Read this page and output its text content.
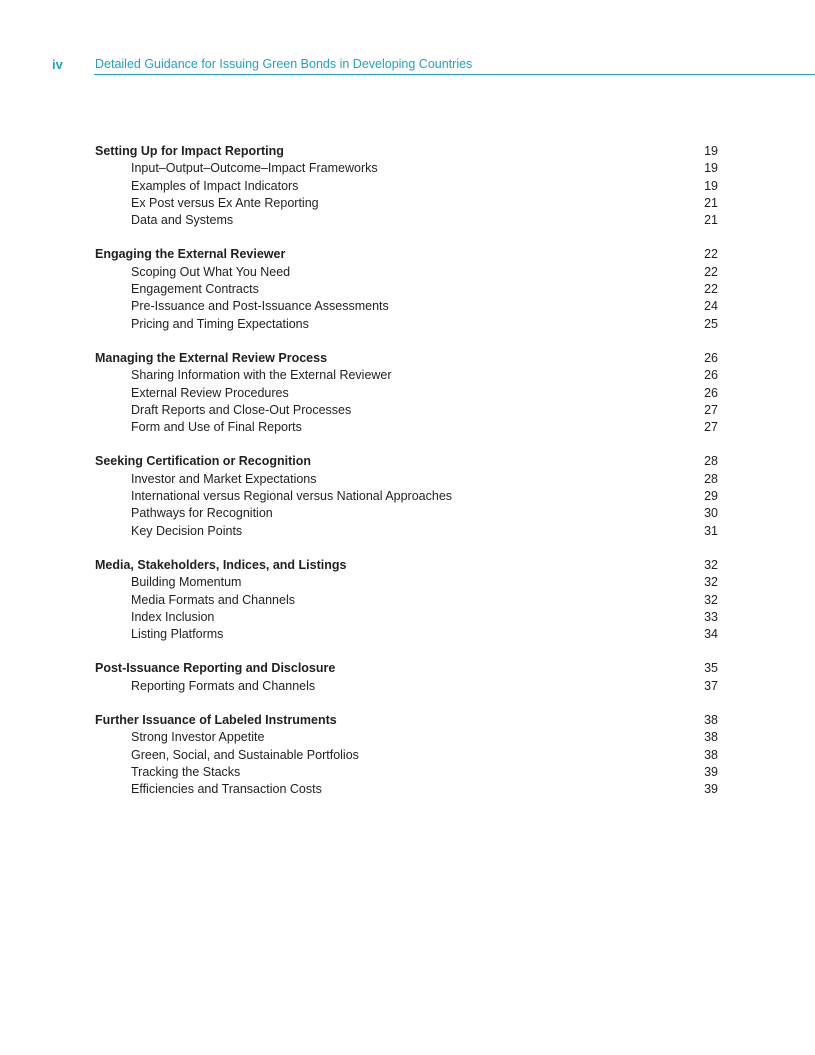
iv	Detailed Guidance for Issuing Green Bonds in Developing Countries
Setting Up for Impact Reporting	19
Input–Output–Outcome–Impact Frameworks	19
Examples of Impact Indicators	19
Ex Post versus Ex Ante Reporting	21
Data and Systems	21
Engaging the External Reviewer	22
Scoping Out What You Need	22
Engagement Contracts	22
Pre-Issuance and Post-Issuance Assessments	24
Pricing and Timing Expectations	25
Managing the External Review Process	26
Sharing Information with the External Reviewer	26
External Review Procedures	26
Draft Reports and Close-Out Processes	27
Form and Use of Final Reports	27
Seeking Certification or Recognition	28
Investor and Market Expectations	28
International versus Regional versus National Approaches	29
Pathways for Recognition	30
Key Decision Points	31
Media, Stakeholders, Indices, and Listings	32
Building Momentum	32
Media Formats and Channels	32
Index Inclusion	33
Listing Platforms	34
Post-Issuance Reporting and Disclosure	35
Reporting Formats and Channels	37
Further Issuance of Labeled Instruments	38
Strong Investor Appetite	38
Green, Social, and Sustainable Portfolios	38
Tracking the Stacks	39
Efficiencies and Transaction Costs	39
